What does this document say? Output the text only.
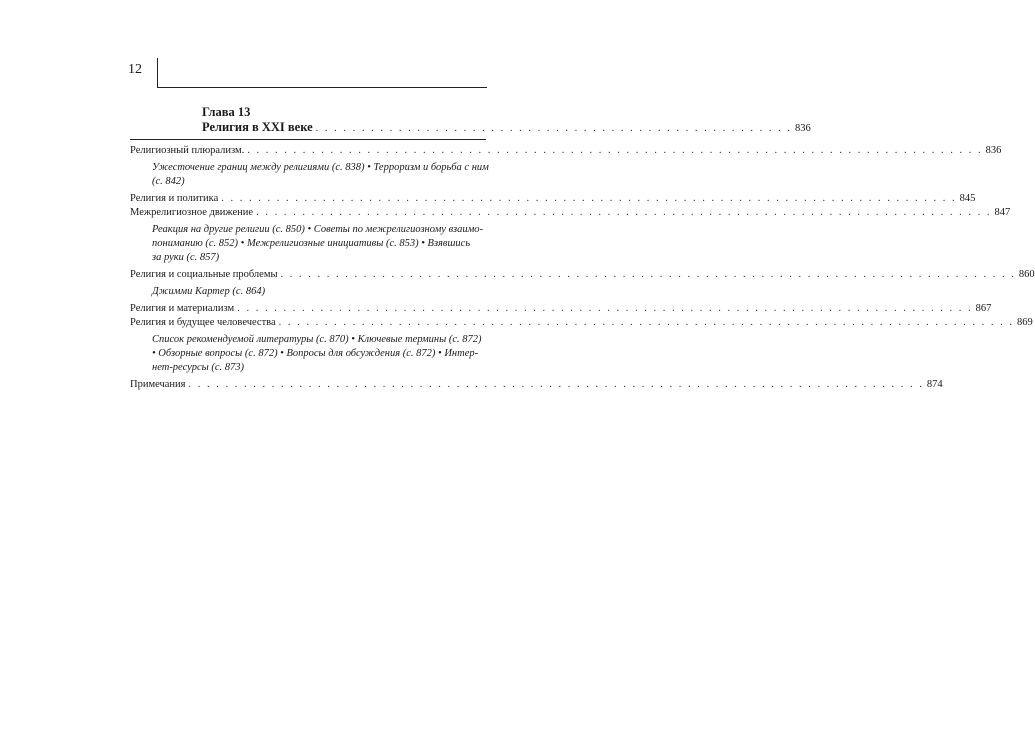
12
Глава 13
Религия в XXI веке . . . . . . . . . . . . . . . . . . . . . . . . . . . . . . . . . . . . . . . . . . . . . . . . . . . . 836
Религиозный плюрализм. . . . . . . . . . . . . . . . . . . . . . . . . . . . . . . . . . . . . . . . . . . . . . . . . . . . . . . . . . . . . . . . . . . . . . . . . . . . . . . . . 836
Ужесточение границ между религиями (с. 838) • Терроризм и борьба с ним
(с. 842)
Религия и политика . . . . . . . . . . . . . . . . . . . . . . . . . . . . . . . . . . . . . . . . . . . . . . . . . . . . . . . . . . . . . . . . . . . . . . . . . . . . . . . . 845
Межрелигиозное движение . . . . . . . . . . . . . . . . . . . . . . . . . . . . . . . . . . . . . . . . . . . . . . . . . . . . . . . . . . . . . . . . . . . . . . . . . . . . . . . . 847
Реакция на другие религии (с. 850) • Советы по межрелигиозному взаимо-
пониманию (с. 852) • Межрелигиозные инициативы (с. 853) • Взявшись
за руки (с. 857)
Религия и социальные проблемы . . . . . . . . . . . . . . . . . . . . . . . . . . . . . . . . . . . . . . . . . . . . . . . . . . . . . . . . . . . . . . . . . . . . . . . . . . . . . . . . 860
Джимми Картер (с. 864)
Религия и материализм . . . . . . . . . . . . . . . . . . . . . . . . . . . . . . . . . . . . . . . . . . . . . . . . . . . . . . . . . . . . . . . . . . . . . . . . . . . . . . . . 867
Религия и будущее человечества . . . . . . . . . . . . . . . . . . . . . . . . . . . . . . . . . . . . . . . . . . . . . . . . . . . . . . . . . . . . . . . . . . . . . . . . . . . . . . . . 869
Список рекомендуемой литературы (с. 870) • Ключевые термины (с. 872)
• Обзорные вопросы (с. 872) • Вопросы для обсуждения (с. 872) • Интер-
нет-ресурсы (с. 873)
Примечания . . . . . . . . . . . . . . . . . . . . . . . . . . . . . . . . . . . . . . . . . . . . . . . . . . . . . . . . . . . . . . . . . . . . . . . . . . . . . . . . 874
